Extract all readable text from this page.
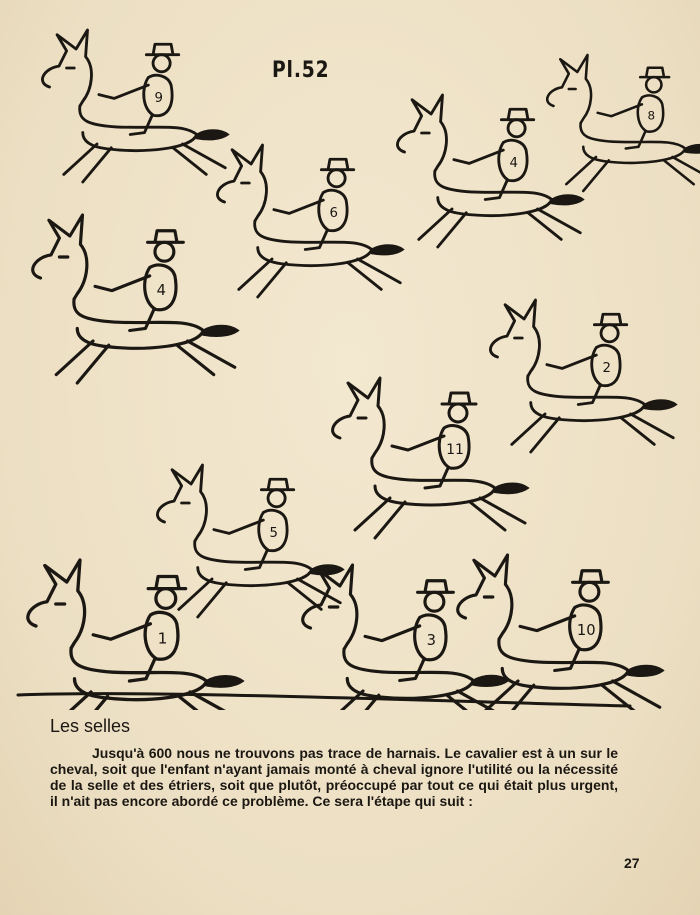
Pl.52
9
6
4
8
4
2
11
5
1	3
10
Les selles
Jusqu'à 600 nous ne trouvons pas trace de harnais. Le cavalier est à un sur le cheval, soit que l'enfant n'ayant jamais monté à cheval ignore l'utilité ou la nécessité de la selle et des étriers, soit que plutôt, préoccupé par tout ce qui était plus urgent, il n'ait pas encore abordé ce problème. Ce sera l'étape qui suit :
27
